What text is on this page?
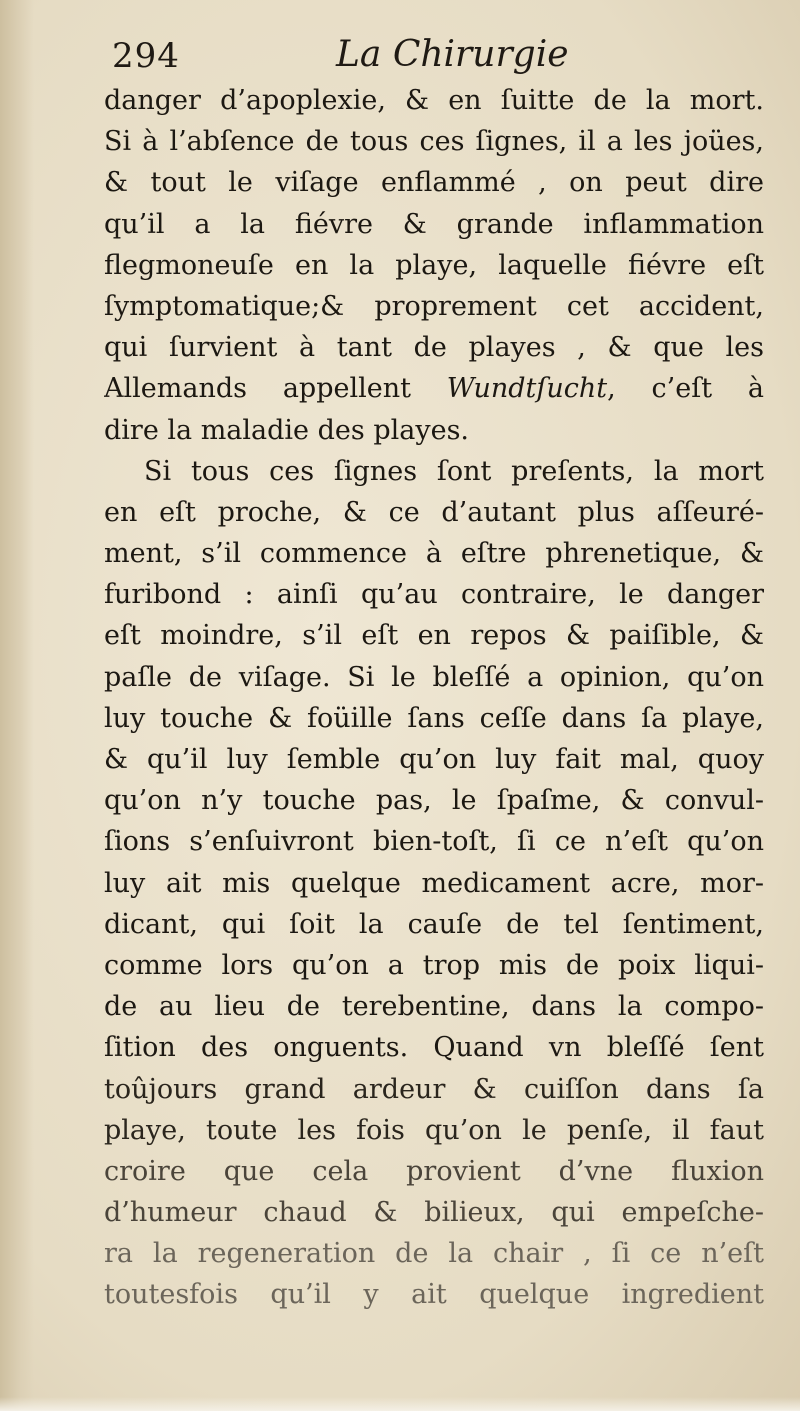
294	La Chirurgie
danger d’apoplexie, & en ſuitte de la mort.
Si à l’abſence de tous ces ſignes, il a les joües,
& tout le viſage enflammé , on peut dire
qu’il a la fiévre & grande inflammation
flegmoneuſe en la playe, laquelle fiévre eſt
ſymptomatique;& proprement cet accident,
qui ſurvient à tant de playes , & que les
Allemands appellent Wundtſucht, c’eſt à
dire la maladie des playes.
Si tous ces ſignes ſont preſents, la mort
en eſt proche, & ce d’autant plus aſſeuré-
ment, s’il commence à eſtre phrenetique, &
furibond : ainſi qu’au contraire, le danger
eſt moindre, s’il eſt en repos & paiſible, &
paſle de viſage. Si le bleſſé a opinion, qu’on
luy touche & foüille ſans ceſſe dans ſa playe,
& qu’il luy ſemble qu’on luy fait mal, quoy
qu’on n’y touche pas, le ſpaſme, & convul-
ſions s’enſuivront bien-toſt, ſi ce n’eſt qu’on
luy ait mis quelque medicament acre, mor-
dicant, qui ſoit la cauſe de tel ſentiment,
comme lors qu’on a trop mis de poix liqui-
de au lieu de terebentine, dans la compo-
ſition des onguents. Quand vn bleſſé ſent
toûjours grand ardeur & cuiſſon dans ſa
playe, toute les fois qu’on le penſe, il faut
croire que cela provient d’vne fluxion
d’humeur chaud & bilieux, qui empeſche-
ra la regeneration de la chair , ſi ce n’eſt
toutesfois qu’il y ait quelque ingredient
